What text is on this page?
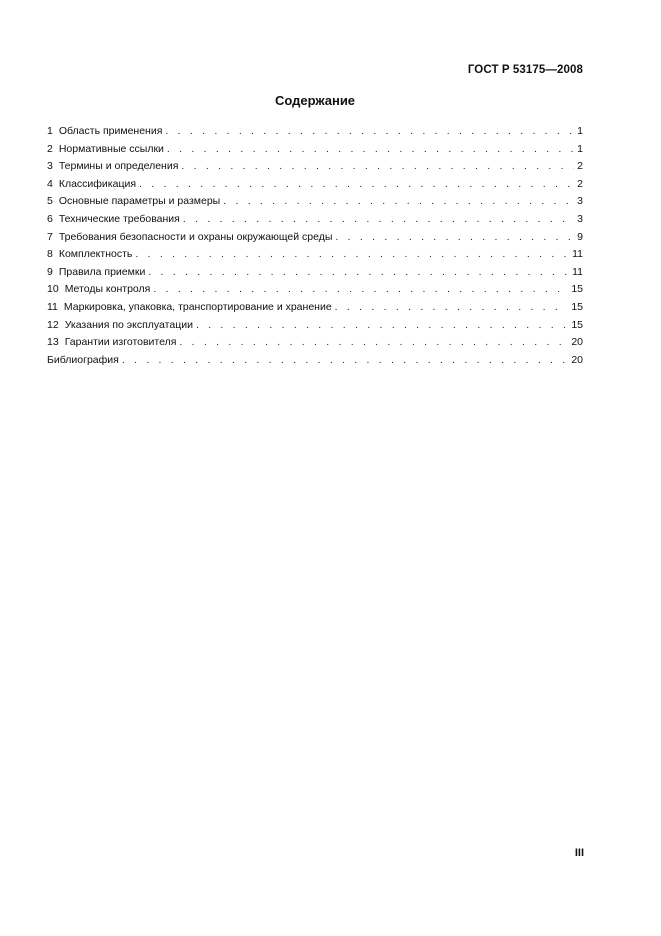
ГОСТ Р 53175—2008
Содержание
1 Область применения . . .	1
2 Нормативные ссылки . . .	1
3 Термины и определения . . .	2
4 Классификация . . .	2
5 Основные параметры и размеры . . .	3
6 Технические требования . . .	3
7 Требования безопасности и охраны окружающей среды . . .	9
8 Комплектность . . .	11
9 Правила приемки . . .	11
10 Методы контроля . . .	15
11 Маркировка, упаковка, транспортирование и хранение . . .	15
12 Указания по эксплуатации . . .	15
13 Гарантии изготовителя . . .	20
Библиография . . .	20
III
